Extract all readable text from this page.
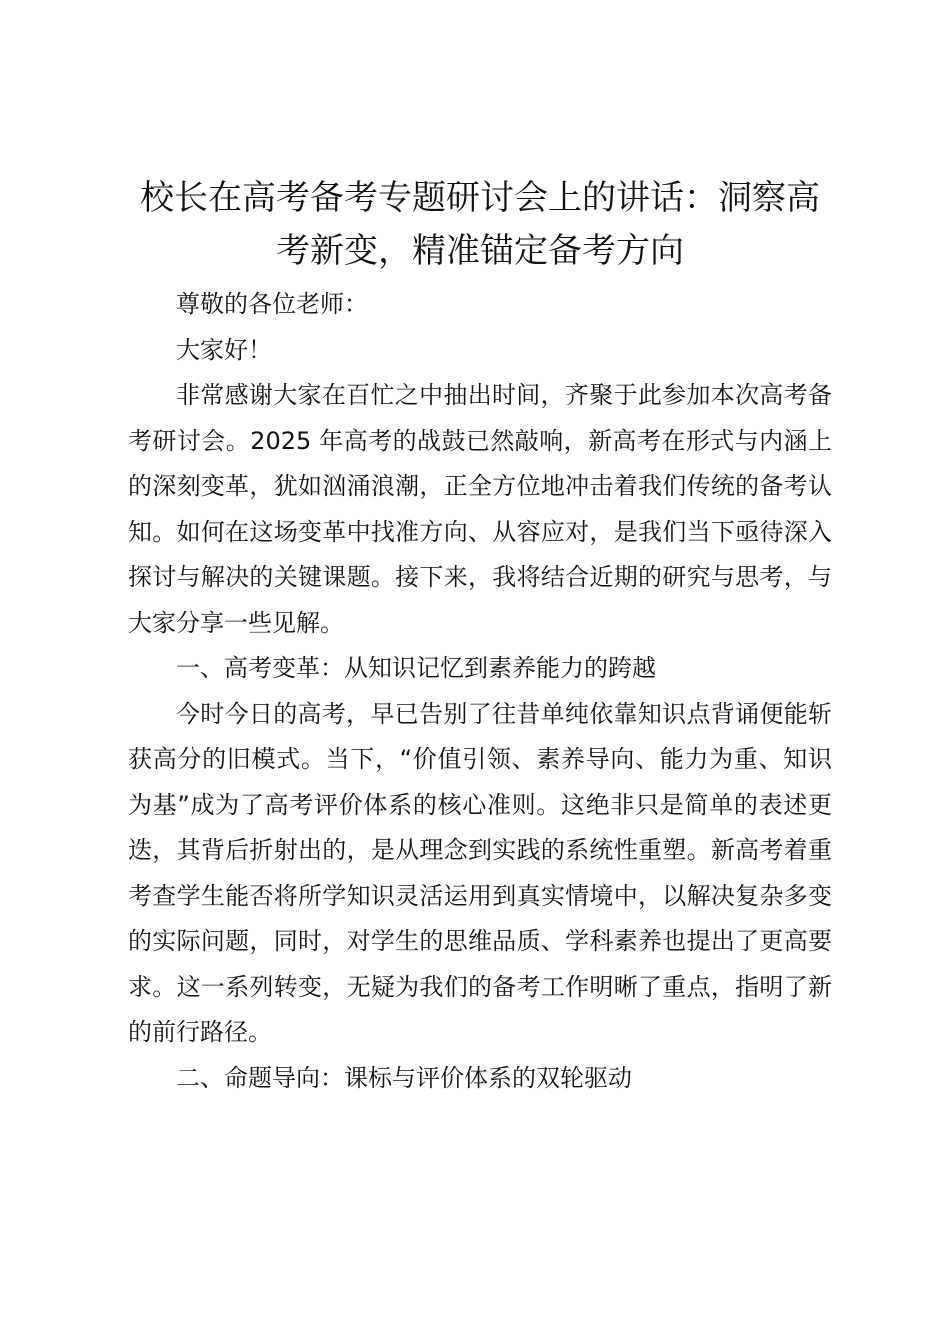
校长在高考备考专题研讨会上的讲话：洞察高考新变，精准锚定备考方向

尊敬的各位老师：

大家好！

非常感谢大家在百忙之中抽出时间，齐聚于此参加本次高考备考研讨会。2025 年高考的战鼓已然敲响，新高考在形式与内涵上的深刻变革，犹如汹涌浪潮，正全方位地冲击着我们传统的备考认知。如何在这场变革中找准方向、从容应对，是我们当下亟待深入探讨与解决的关键课题。接下来，我将结合近期的研究与思考，与大家分享一些见解。

一、高考变革：从知识记忆到素养能力的跨越

今时今日的高考，早已告别了往昔单纯依靠知识点背诵便能斩获高分的旧模式。当下，“价值引领、素养导向、能力为重、知识为基”成为了高考评价体系的核心准则。这绝非只是简单的表述更迭，其背后折射出的，是从理念到实践的系统性重塑。新高考着重考查学生能否将所学知识灵活运用到真实情境中，以解决复杂多变的实际问题，同时，对学生的思维品质、学科素养也提出了更高要求。这一系列转变，无疑为我们的备考工作明晰了重点，指明了新的前行路径。

二、命题导向：课标与评价体系的双轮驱动
